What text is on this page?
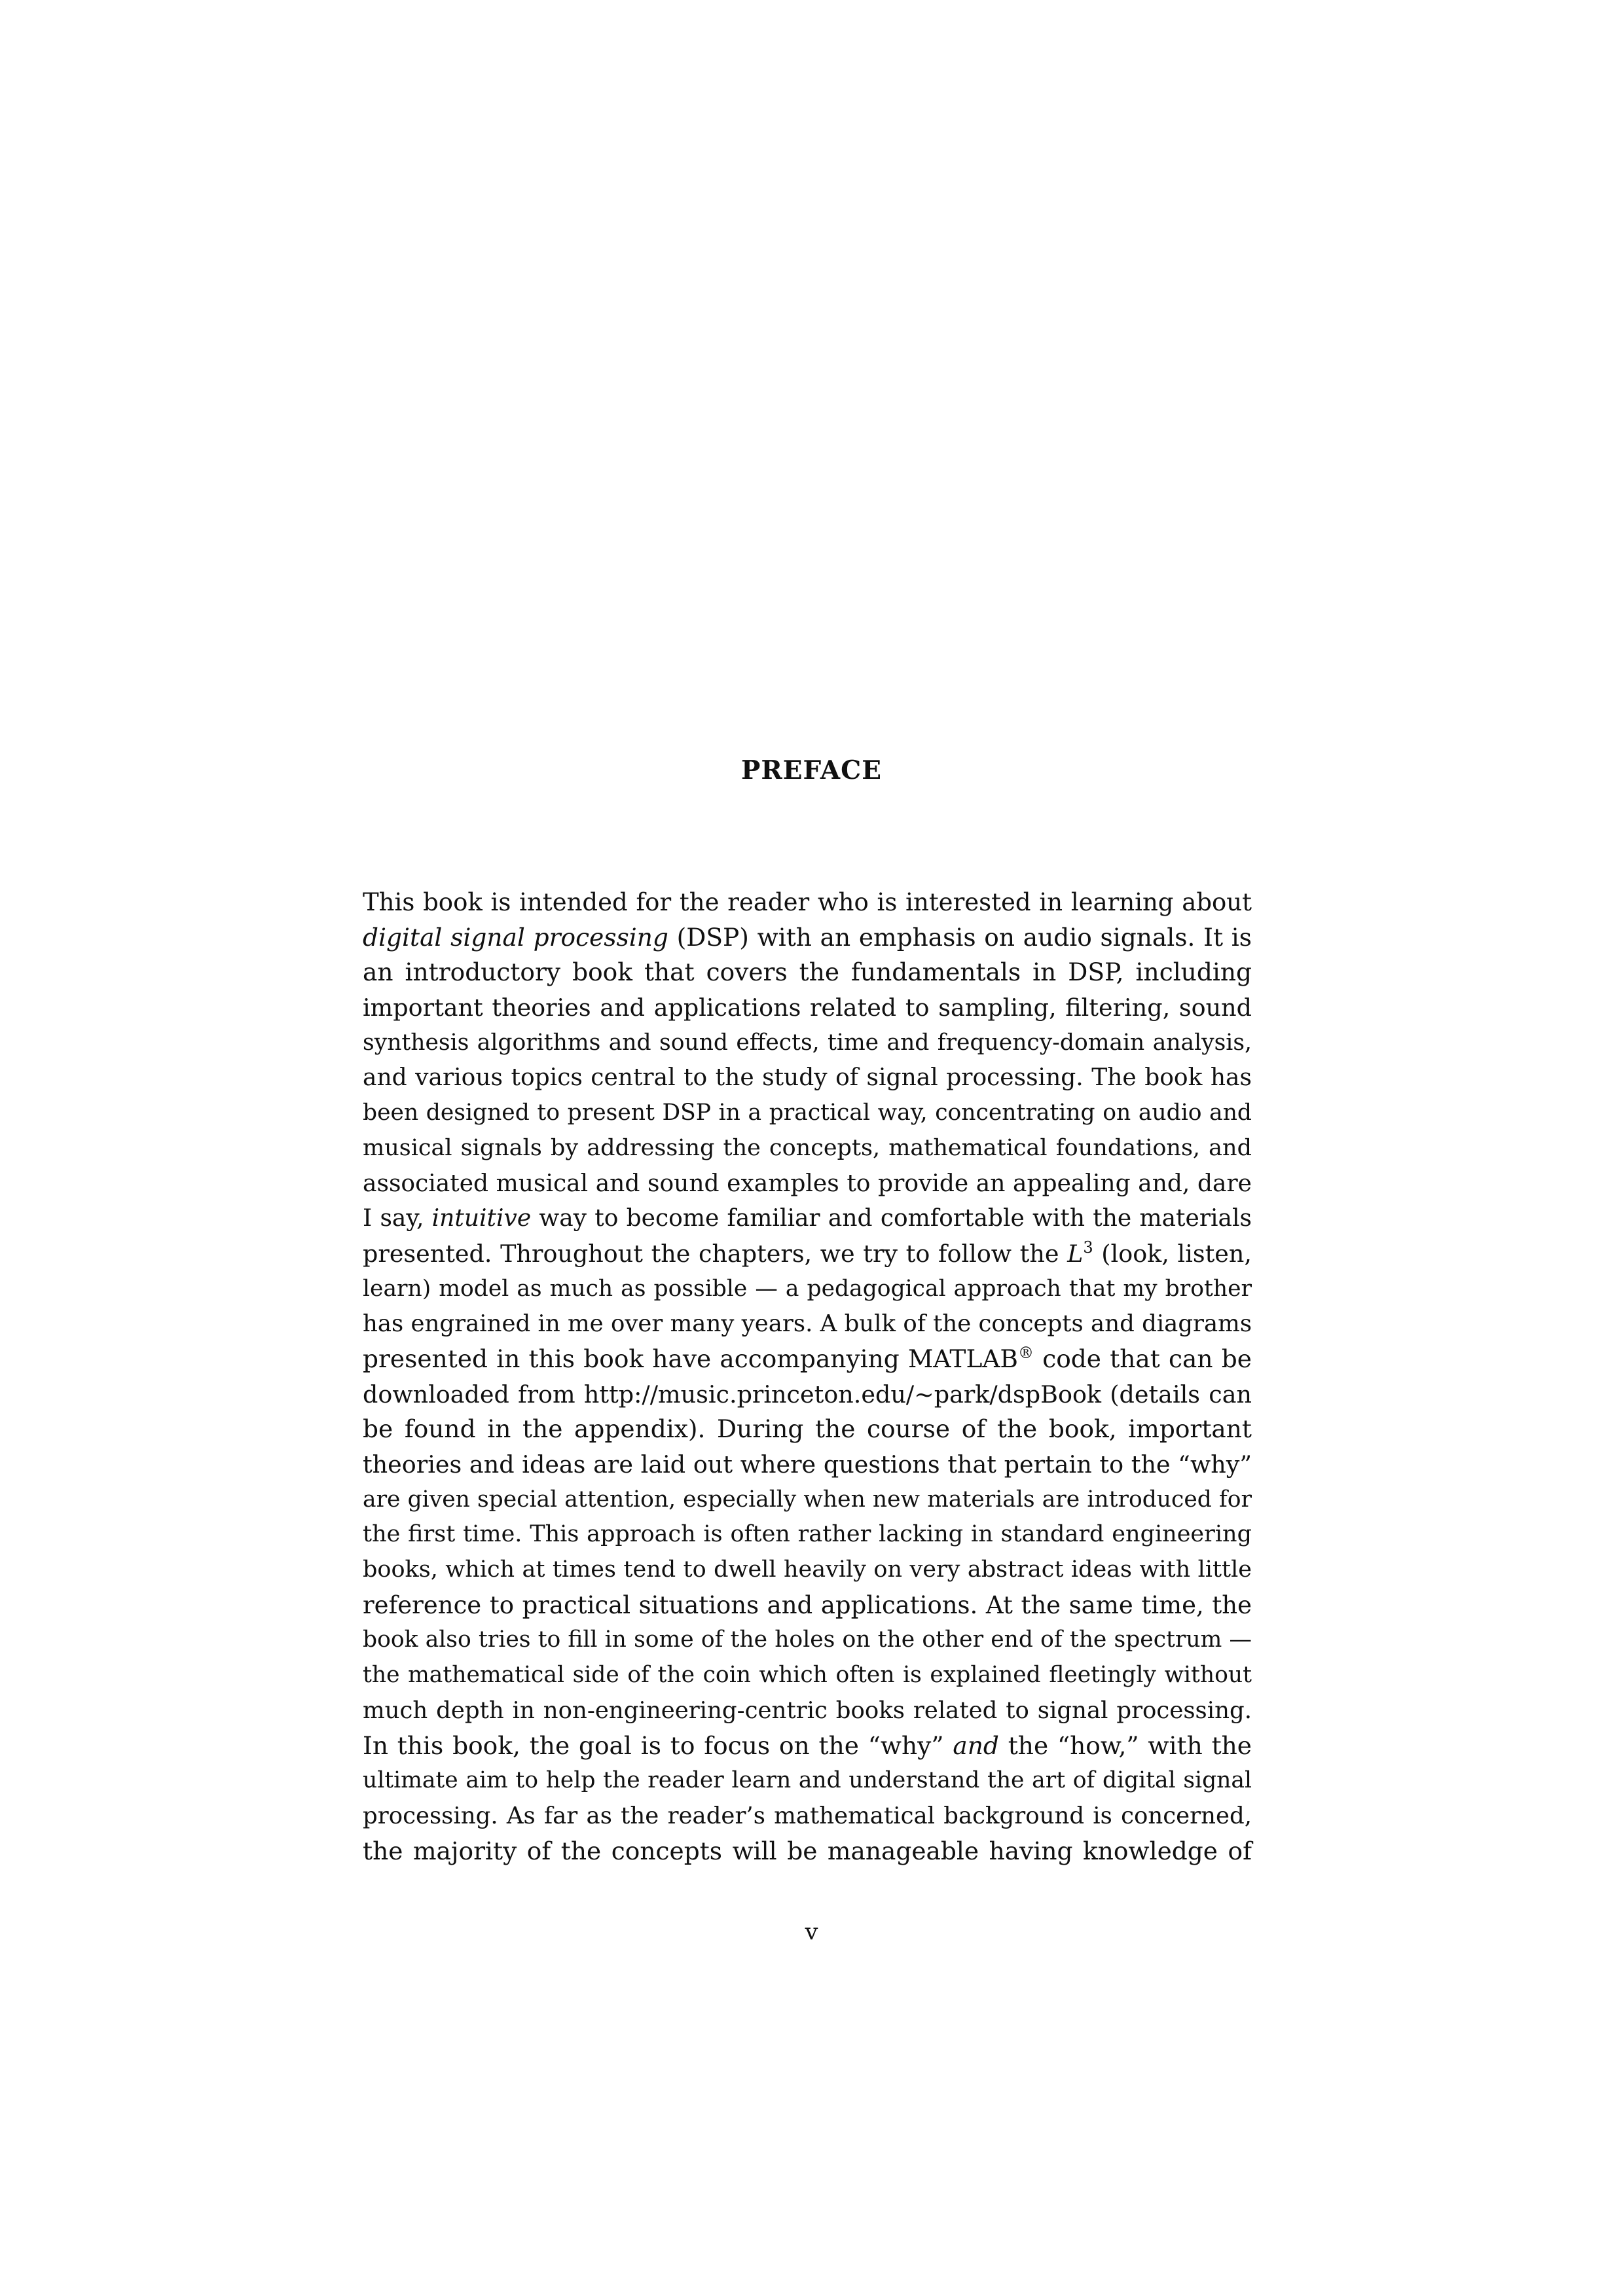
PREFACE
This book is intended for the reader who is interested in learning about
digital signal processing (DSP) with an emphasis on audio signals. It is
an introductory book that covers the fundamentals in DSP, including
important theories and applications related to sampling, filtering, sound
synthesis algorithms and sound effects, time and frequency-domain analysis,
and various topics central to the study of signal processing. The book has
been designed to present DSP in a practical way, concentrating on audio and
musical signals by addressing the concepts, mathematical foundations, and
associated musical and sound examples to provide an appealing and, dare
I say, intuitive way to become familiar and comfortable with the materials
presented. Throughout the chapters, we try to follow the $L^3$ (look, listen,
learn) model as much as possible — a pedagogical approach that my brother
has engrained in me over many years. A bulk of the concepts and diagrams
presented in this book have accompanying MATLAB® code that can be
downloaded from http://music.princeton.edu/∼park/dspBook (details can
be found in the appendix). During the course of the book, important
theories and ideas are laid out where questions that pertain to the “why”
are given special attention, especially when new materials are introduced for
the first time. This approach is often rather lacking in standard engineering
books, which at times tend to dwell heavily on very abstract ideas with little
reference to practical situations and applications. At the same time, the
book also tries to fill in some of the holes on the other end of the spectrum —
the mathematical side of the coin which often is explained fleetingly without
much depth in non-engineering-centric books related to signal processing.
In this book, the goal is to focus on the “why” and the “how,” with the
ultimate aim to help the reader learn and understand the art of digital signal
processing. As far as the reader’s mathematical background is concerned,
the majority of the concepts will be manageable having knowledge of
v
